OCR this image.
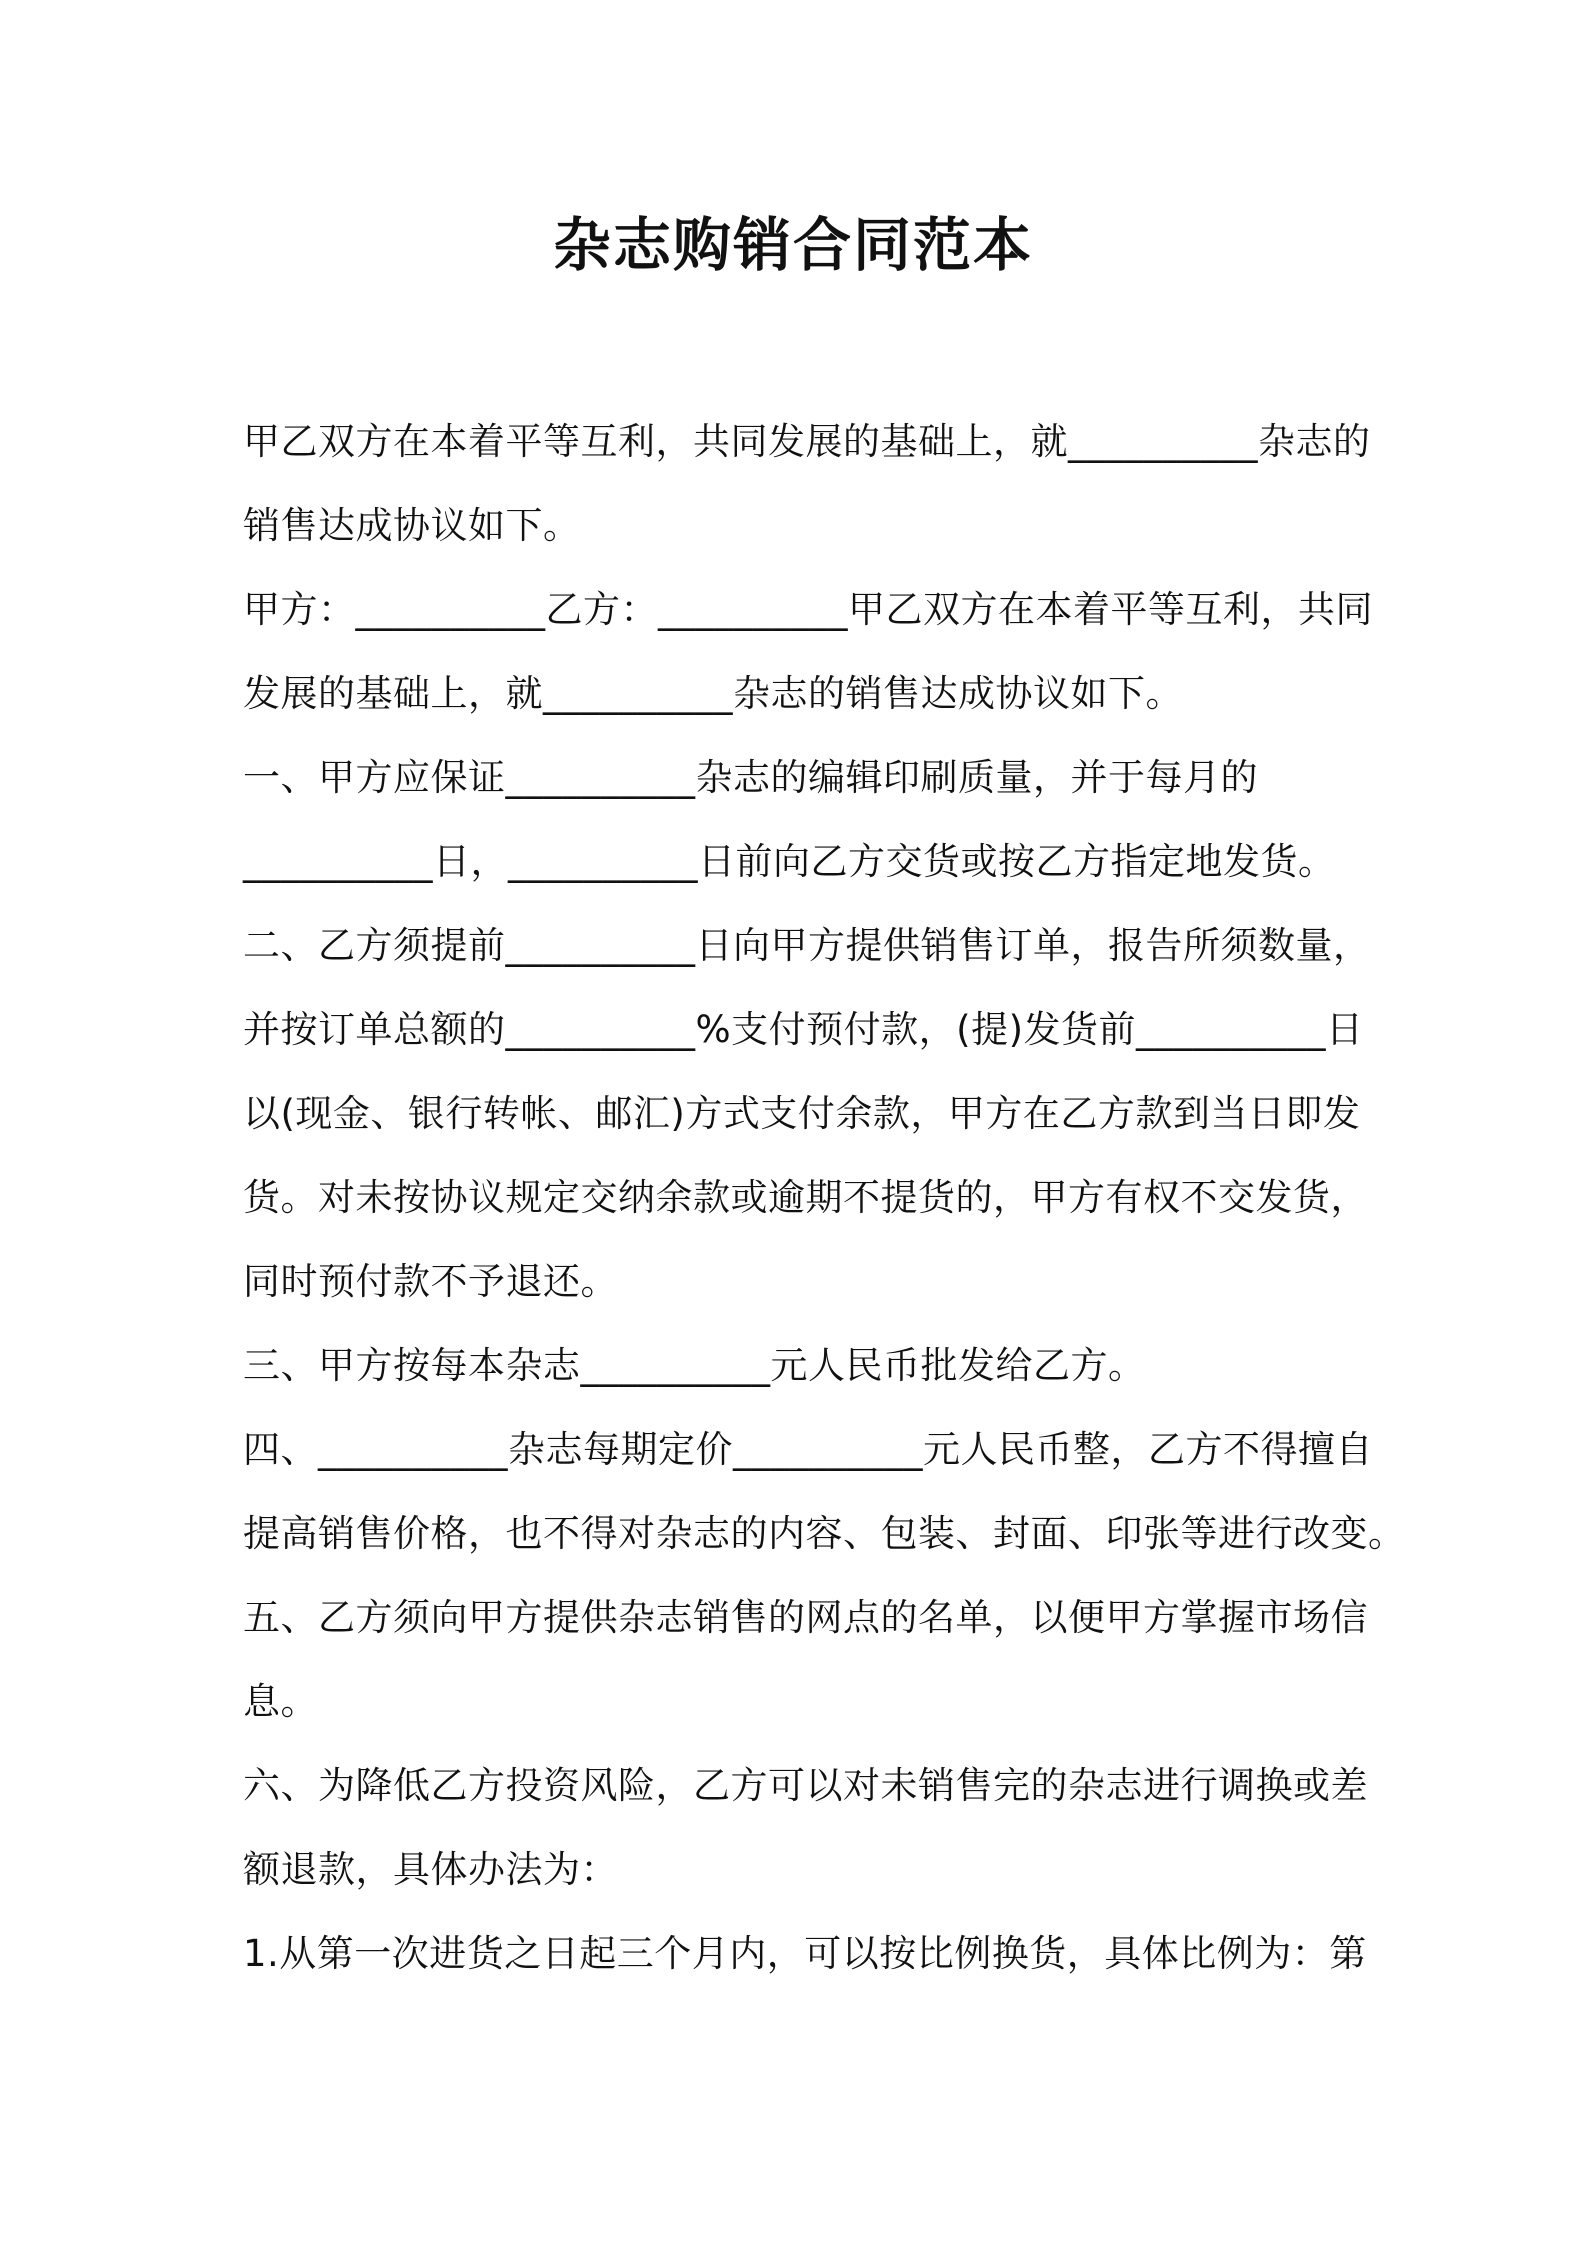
杂志购销合同范本
甲乙双方在本着平等互利，共同发展的基础上，就__________杂志的
销售达成协议如下。
甲方：__________乙方：__________甲乙双方在本着平等互利，共同
发展的基础上，就__________杂志的销售达成协议如下。
一、甲方应保证__________杂志的编辑印刷质量，并于每月的
__________日，__________日前向乙方交货或按乙方指定地发货。
二、乙方须提前__________日向甲方提供销售订单，报告所须数量，
并按订单总额的__________%支付预付款，(提)发货前__________日
以(现金、银行转帐、邮汇)方式支付余款，甲方在乙方款到当日即发
货。对未按协议规定交纳余款或逾期不提货的，甲方有权不交发货，
同时预付款不予退还。
三、甲方按每本杂志__________元人民币批发给乙方。
四、__________杂志每期定价__________元人民币整，乙方不得擅自
提高销售价格，也不得对杂志的内容、包装、封面、印张等进行改变。
五、乙方须向甲方提供杂志销售的网点的名单，以便甲方掌握市场信
息。
六、为降低乙方投资风险，乙方可以对未销售完的杂志进行调换或差
额退款，具体办法为：
1.从第一次进货之日起三个月内，可以按比例换货，具体比例为：第
